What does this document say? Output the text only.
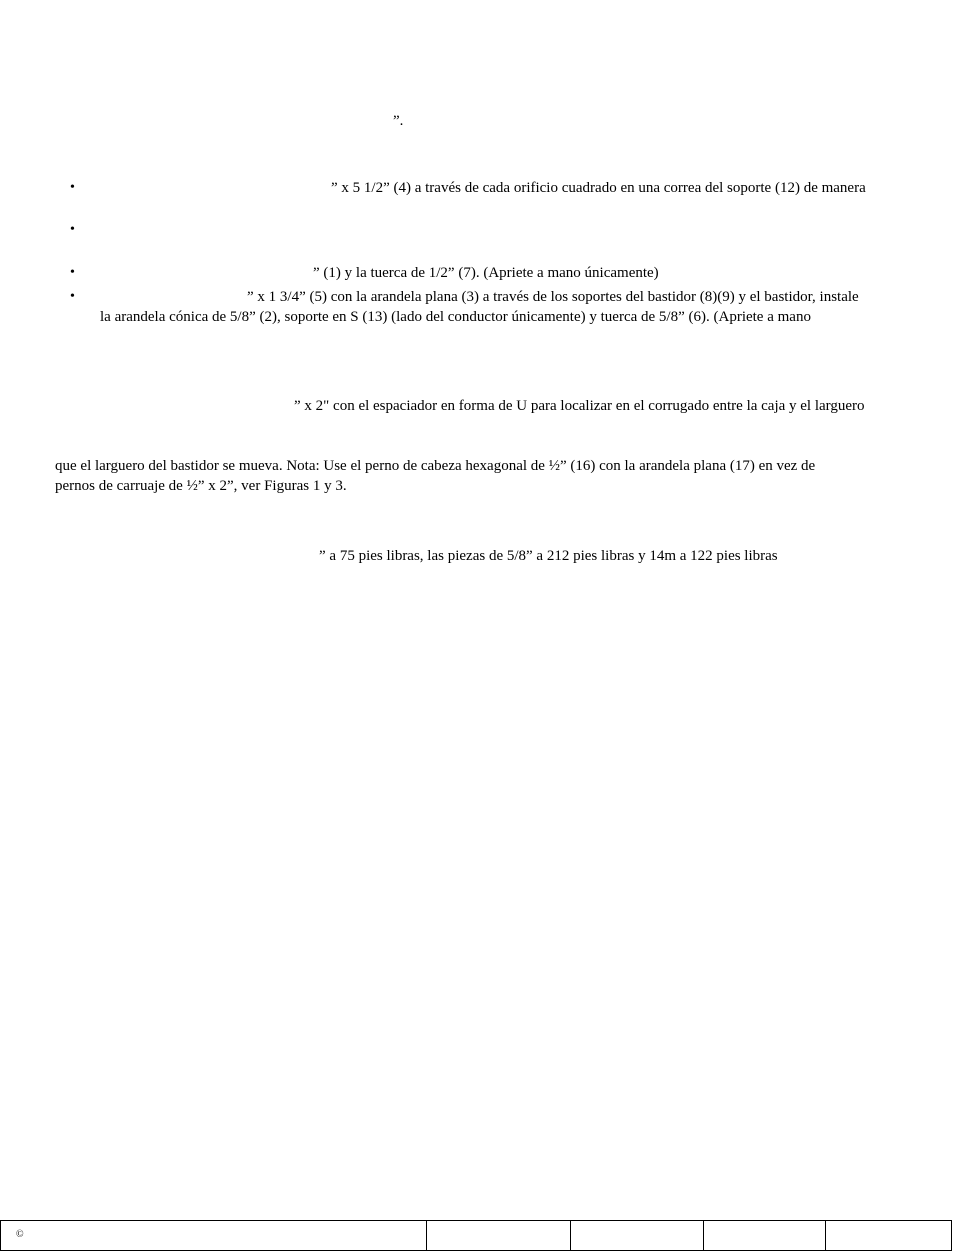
”.
•	” x 5 1/2” (4) a través de cada orificio cuadrado en una correa del soporte (12) de manera
•
•	” (1) y la tuerca de 1/2” (7). (Apriete a mano únicamente)
•	” x 1 3/4” (5) con la arandela plana (3) a través de los soportes del bastidor (8)(9) y el bastidor, instale
la arandela cónica de 5/8” (2), soporte en S (13) (lado del conductor únicamente) y tuerca de 5/8” (6). (Apriete a mano
” x 2" con el espaciador en forma de U para localizar en el corrugado entre la caja y el larguero
que el larguero del bastidor se mueva. Nota: Use el perno de cabeza hexagonal de ½” (16) con la arandela plana (17) en vez de
pernos de carruaje de ½” x 2”, ver Figuras 1 y 3.
” a 75 pies libras, las piezas de 5/8” a 212 pies libras y 14m a 122 pies libras
©
